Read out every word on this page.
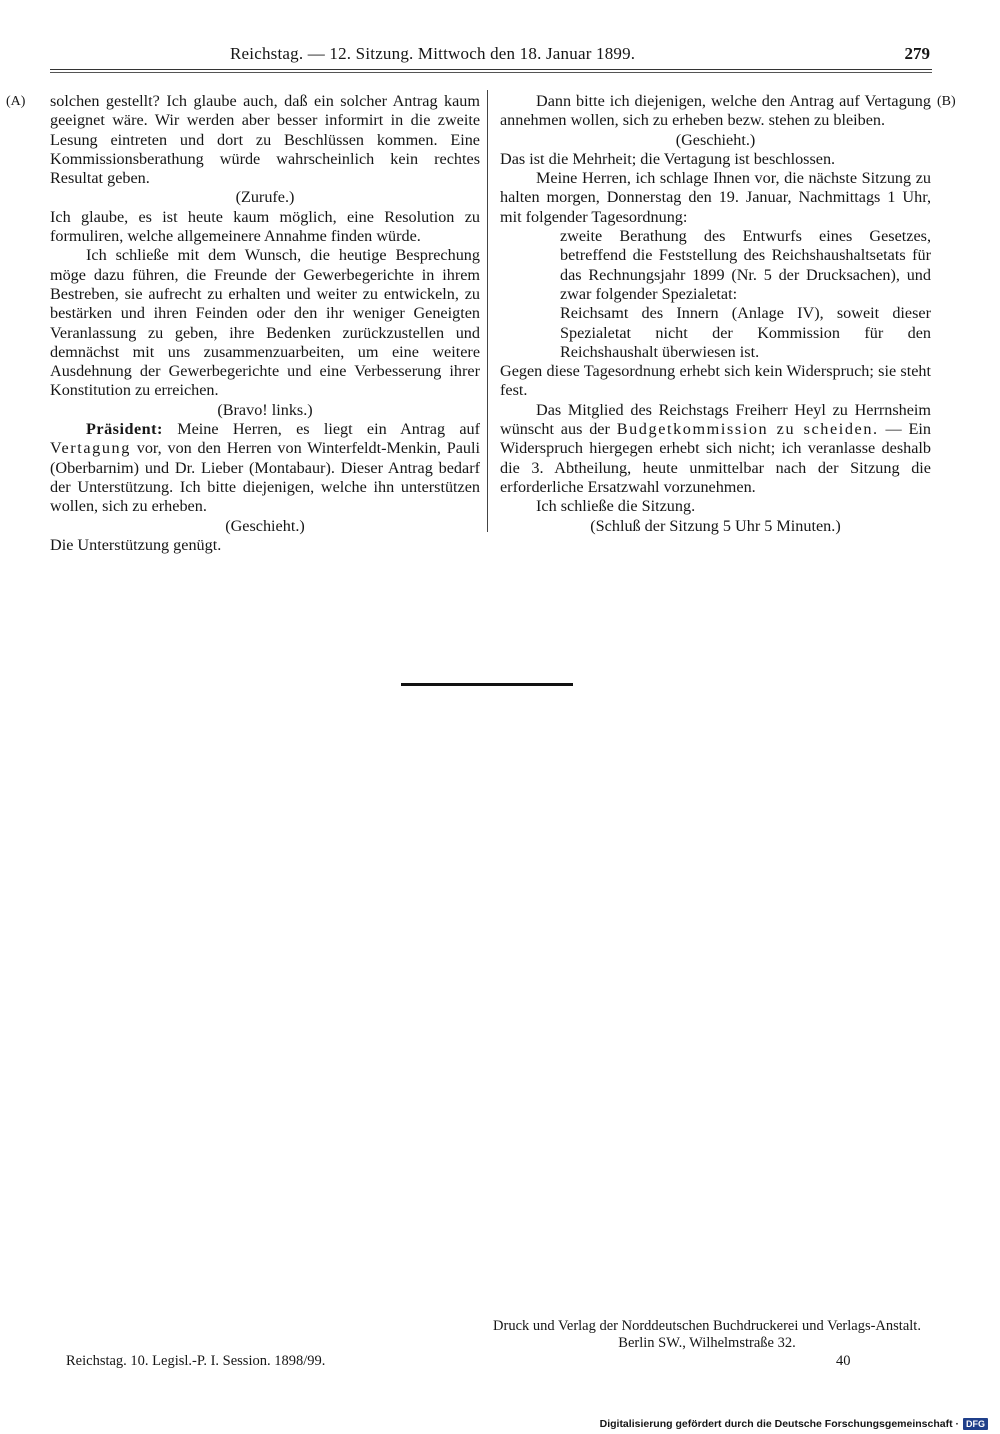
Reichstag. — 12. Sitzung. Mittwoch den 18. Januar 1899.	279
(A)	(B)

solchen gestellt? Ich glaube auch, daß ein solcher Antrag kaum geeignet wäre. Wir werden aber besser informirt in die zweite Lesung eintreten und dort zu Beschlüssen kommen. Eine Kommissionsberathung würde wahrscheinlich kein rechtes Resultat geben.

(Zurufe.)

Ich glaube, es ist heute kaum möglich, eine Resolution zu formuliren, welche allgemeinere Annahme finden würde.

Ich schließe mit dem Wunsch, die heutige Besprechung möge dazu führen, die Freunde der Gewerbegerichte in ihrem Bestreben, sie aufrecht zu erhalten und weiter zu entwickeln, zu bestärken und ihren Feinden oder den ihr weniger Geneigten Veranlassung zu geben, ihre Bedenken zurückzustellen und demnächst mit uns zusammenzuarbeiten, um eine weitere Ausdehnung der Gewerbegerichte und eine Verbesserung ihrer Konstitution zu erreichen.

(Bravo! links.)

Präsident: Meine Herren, es liegt ein Antrag auf Vertagung vor, von den Herren von Winterfeldt-Menkin, Pauli (Oberbarnim) und Dr. Lieber (Montabaur). Dieser Antrag bedarf der Unterstützung. Ich bitte diejenigen, welche ihn unterstützen wollen, sich zu erheben.

(Geschieht.)

Die Unterstützung genügt.

Dann bitte ich diejenigen, welche den Antrag auf Vertagung annehmen wollen, sich zu erheben bezw. stehen zu bleiben.

(Geschieht.)

Das ist die Mehrheit; die Vertagung ist beschlossen.

Meine Herren, ich schlage Ihnen vor, die nächste Sitzung zu halten morgen, Donnerstag den 19. Januar, Nachmittags 1 Uhr, mit folgender Tagesordnung:

zweite Berathung des Entwurfs eines Gesetzes, betreffend die Feststellung des Reichshaushaltsetats für das Rechnungsjahr 1899 (Nr. 5 der Drucksachen), und zwar folgender Spezialetat:

Reichsamt des Innern (Anlage IV), soweit dieser Spezialetat nicht der Kommission für den Reichshaushalt überwiesen ist.

Gegen diese Tagesordnung erhebt sich kein Widerspruch; sie steht fest.

Das Mitglied des Reichstags Freiherr Heyl zu Herrnsheim wünscht aus der Budgetkommission zu scheiden. — Ein Widerspruch hiergegen erhebt sich nicht; ich veranlasse deshalb die 3. Abtheilung, heute unmittelbar nach der Sitzung die erforderliche Ersatzwahl vorzunehmen.

Ich schließe die Sitzung.

(Schluß der Sitzung 5 Uhr 5 Minuten.)

Druck und Verlag der Norddeutschen Buchdruckerei und Verlags-Anstalt.
Berlin SW., Wilhelmstraße 32.
Reichstag. 10. Legisl.-P. I. Session. 1898/99.	40
Digitalisierung gefördert durch die Deutsche Forschungsgemeinschaft · DFG
